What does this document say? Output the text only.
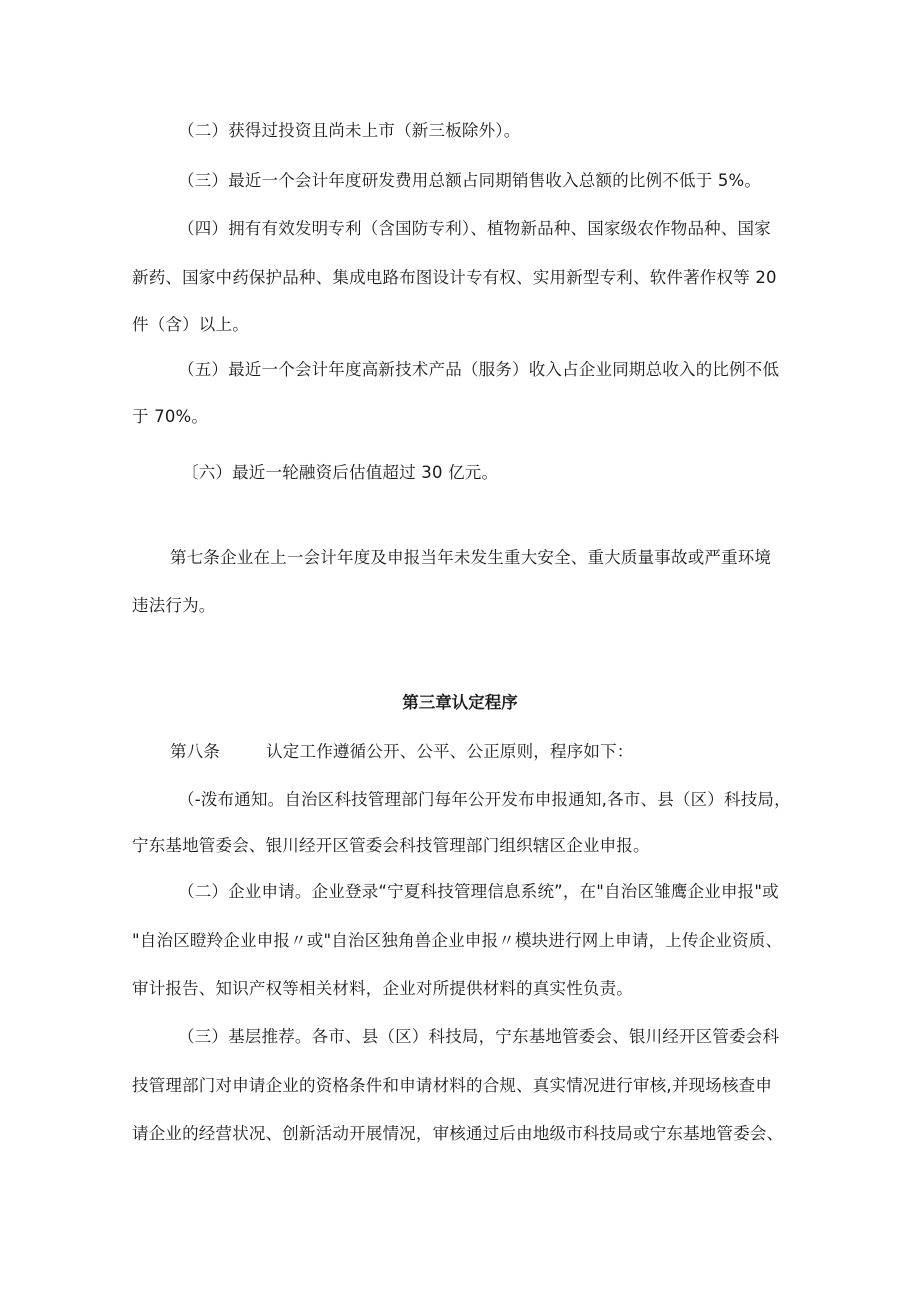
（二）获得过投资且尚未上市（新三板除外）。
（三）最近一个会计年度研发费用总额占同期销售收入总额的比例不低于 5%。
（四）拥有有效发明专利（含国防专利）、植物新品种、国家级农作物品种、国家
新药、国家中药保护品种、集成电路布图设计专有权、实用新型专利、软件著作权等 20
件（含）以上。
（五）最近一个会计年度高新技术产品（服务）收入占企业同期总收入的比例不低
于 70%。
〔六）最近一轮融资后估值超过 30 亿元。
第七条企业在上一会计年度及申报当年未发生重大安全、重大质量事故或严重环境
违法行为。
第三章认定程序
第八条	认定工作遵循公开、公平、公正原则，程序如下：
（-泼布通知。自治区科技管理部门每年公开发布申报通知,各市、县（区）科技局，
宁东基地管委会、银川经开区管委会科技管理部门组织辖区企业申报。
（二）企业申请。企业登录“宁夏科技管理信息系统”，在"自治区雏鹰企业申报"或
"自治区瞪羚企业申报〃或"自治区独角兽企业申报〃模块进行网上申请，上传企业资质、
审计报告、知识产权等相关材料，企业对所提供材料的真实性负责。
（三）基层推荐。各市、县（区）科技局，宁东基地管委会、银川经开区管委会科
技管理部门对申请企业的资格条件和申请材料的合规、真实情况进行审核,并现场核查申
请企业的经营状况、创新活动开展情况，审核通过后由地级市科技局或宁东基地管委会、
